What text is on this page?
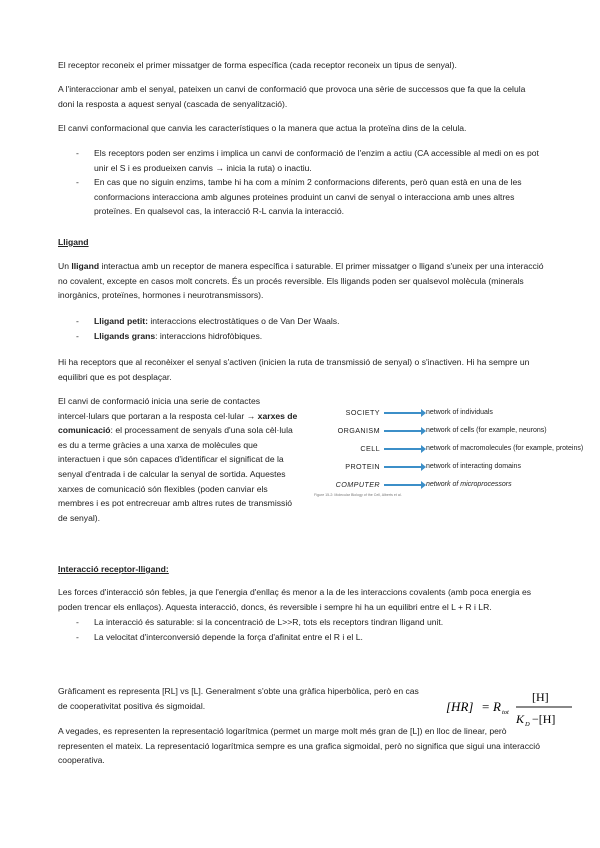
El receptor reconeix el primer missatger de forma específica (cada receptor reconeix un tipus de senyal).

A l'interaccionar amb el senyal, pateixen un canvi de conformació que provoca una sèrie de successos que fa que la celula doni la resposta a aquest senyal (cascada de senyalització).

El canvi conformacional que canvia les característiques o la manera que actua la proteïna dins de la celula.

- Els receptors poden ser enzims i implica un canvi de conformació de l'enzim a actiu (CA accessible al medi on es pot unir el S i es produeixen canvis → inicia la ruta) o inactiu.
- En cas que no siguin enzims, tambe hi ha com a mínim 2 conformacions diferents, però quan està en una de les conformacions interacciona amb algunes proteines produint un canvi de senyal o interacciona amb unes altres proteïnes. En qualsevol cas, la interacció R-L canvia la interacció.

Lligand

Un lligand interactua amb un receptor de manera específica i saturable. El primer missatger o lligand s'uneix per una interacció no covalent, excepte en casos molt concrets. És un procés reversible. Els lligands poden ser qualsevol molècula (minerals inorgànics, proteïnes, hormones i neurotransmissors).

- Lligand petit: interaccions electrostàtiques o de Van Der Waals.
- Lligands grans: interaccions hidrofòbiques.

Hi ha receptors que al reconèixer el senyal s'activen (inicien la ruta de transmissió de senyal) o s'inactiven. Hi ha sempre un equilibri que es pot desplaçar.

El canvi de conformació inicia una serie de contactes intercel·lulars que portaran a la resposta cel·lular → xarxes de comunicació: el processament de senyals d'una sola cèl·lula es du a terme gràcies a una xarxa de molècules que interactuen i que són capaces d'identificar el significat de la senyal d'entrada i de calcular la senyal de sortida. Aquestes xarxes de comunicació són flexibles (poden canviar els membres i es pot entrecreuar amb altres rutes de transmissió de senyal).

SOCIETY	network of individuals
ORGANISM	network of cells (for example, neurons)
CELL	network of macromolecules (for example, proteins)
PROTEIN	network of interacting domains
COMPUTER	network of microprocessors
Figure 15-2: Molecular Biology of the Cell, Alberts et al.

Interacció receptor-lligand:

Les forces d'interacció són febles, ja que l'energia d'enllaç és menor a la de les interaccions covalents (amb poca energia es poden trencar els enllaços). Aquesta interacció, doncs, és reversible i sempre hi ha un equilibri entre el L + R i LR.

- La interacció és saturable: si la concentració de L>>R, tots els receptors tindran lligand unit.
- La velocitat d'interconversió depende la força d'afinitat entre el R i el L.

Gràficament es representa [RL] vs [L]. Generalment s'obte una gràfica hiperbòlica, però en cas de cooperativitat positiva és sigmoidal.

A vegades, es representen la representació logarítmica (permet un marge molt més gran de [L]) en lloc de linear, però representen el mateix. La representació logarítmica sempre es una grafica sigmoidal, però no significa que sigui una interacció cooperativa.

[HR] = R tot
[H]
K D −[H]
